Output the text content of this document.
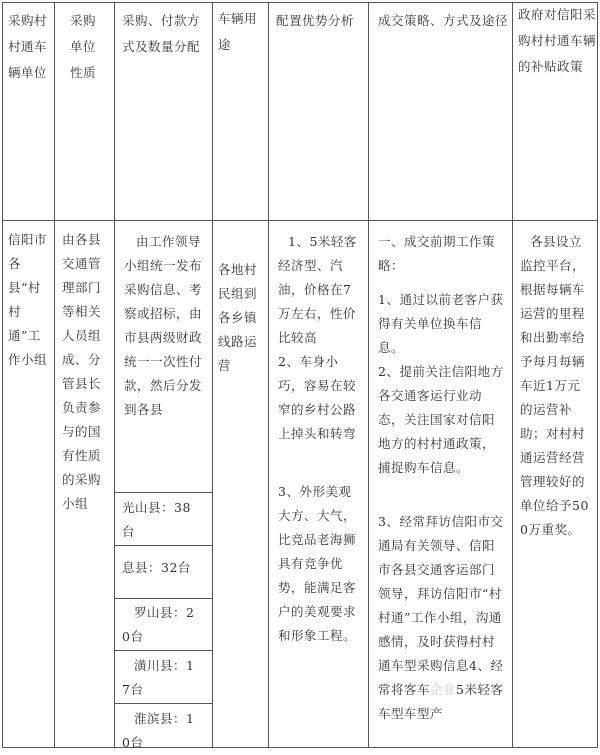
采购村村通车辆单位
采购单位性质
采购、付款方式及数量分配
车辆用途
配置优势分析	成交策略、方式及途径 政府对信阳采购村村通车辆的补贴政策
信阳市各县“村村通”工作小组
由各县交通管理部门等相关人员组成、分管县长负责参与的国有性质的采购小组
由工作领导小组统一发布采购信息、考察或招标，由市县两级财政统一一次性付款，然后分发到各县
光山县：38台
息县：32台
罗山县：20台
潢川县：17台
淮滨县：10台
各地村民组到各乡镇线路运营
1、5米轻客经济型、汽油，价格在7万左右，性价比较高
2、车身小巧，容易在较窄的乡村公路上掉头和转弯
3、外形美观大方、大气，比竞品老海狮具有竞争优势，能满足客户的美观要求和形象工程。
一、成交前期工作策略：
1、通过以前老客户获得有关单位换车信息。
2、提前关注信阳地方各交通客运行业动态，关注国家对信阳地方的村村通政策，捕捉购车信息。
3、经常拜访信阳市交通局有关领导、信阳市各县交通客运部门领导，拜访信阳市“村村通”工作小组，沟通感情，及时获得村村通车型采购信息4、经常将客车企业5米轻客车型车型产
各县设立监控平台，根据每辆车运营的里程和出勤率给予每月每辆车近1万元的运营补助；对村村通运营经营管理较好的单位给予500万重奖。
